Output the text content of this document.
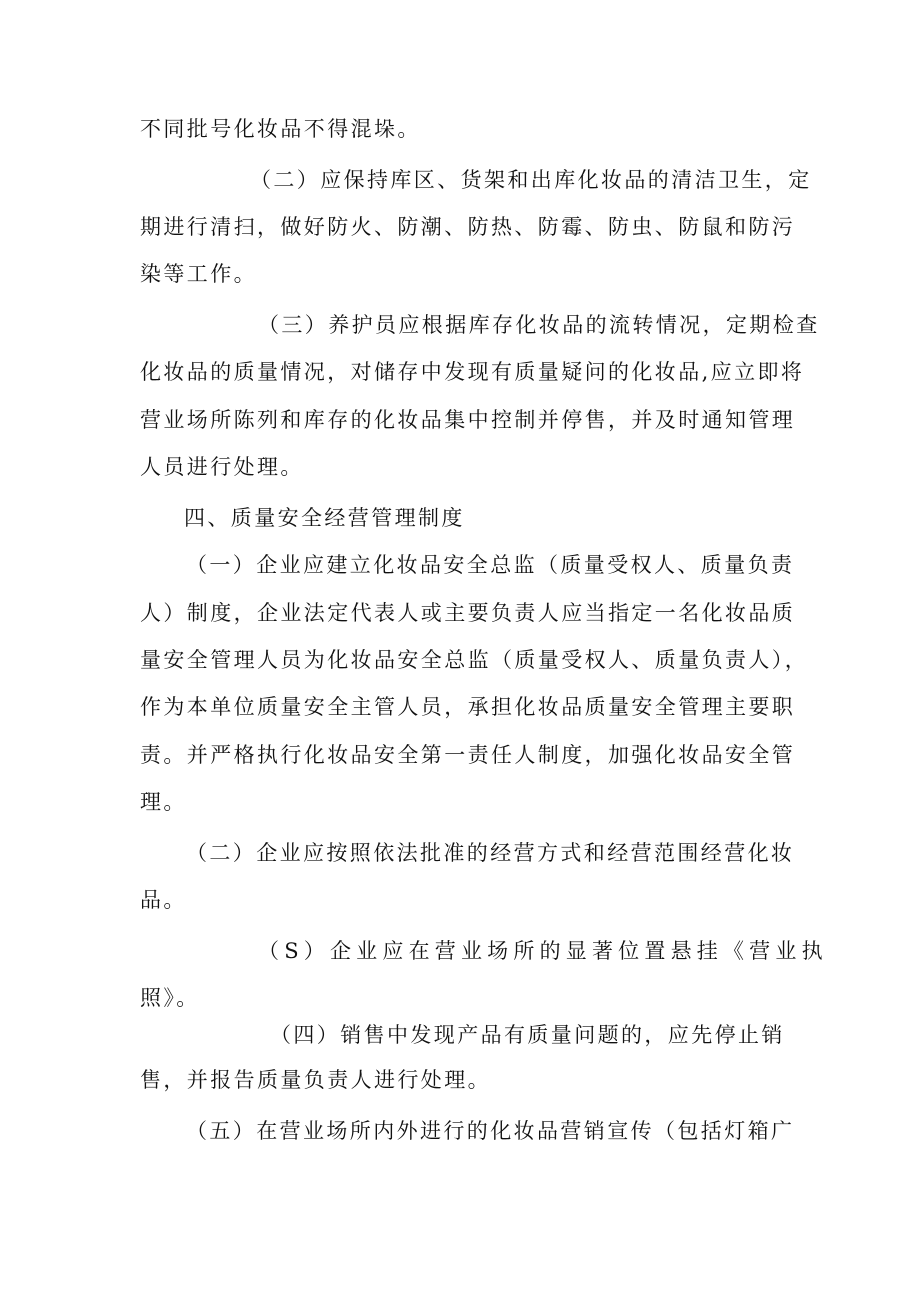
不同批号化妆品不得混垛。
（二）应保持库区、货架和出库化妆品的清洁卫生，定
期进行清扫，做好防火、防潮、防热、防霉、防虫、防鼠和防污
染等工作。
（三）养护员应根据库存化妆品的流转情况，定期检查
化妆品的质量情况，对储存中发现有质量疑问的化妆品,应立即将
营业场所陈列和库存的化妆品集中控制并停售，并及时通知管理
人员进行处理。
四、质量安全经营管理制度
（一）企业应建立化妆品安全总监（质量受权人、质量负责
人）制度，企业法定代表人或主要负责人应当指定一名化妆品质
量安全管理人员为化妆品安全总监（质量受权人、质量负责人），
作为本单位质量安全主管人员，承担化妆品质量安全管理主要职
责。并严格执行化妆品安全第一责任人制度，加强化妆品安全管
理。
（二）企业应按照依法批准的经营方式和经营范围经营化妆
品。
（S）企业应在营业场所的显著位置悬挂《营业执
照》。
（四）销售中发现产品有质量问题的，应先停止销
售，并报告质量负责人进行处理。
（五）在营业场所内外进行的化妆品营销宣传（包括灯箱广
